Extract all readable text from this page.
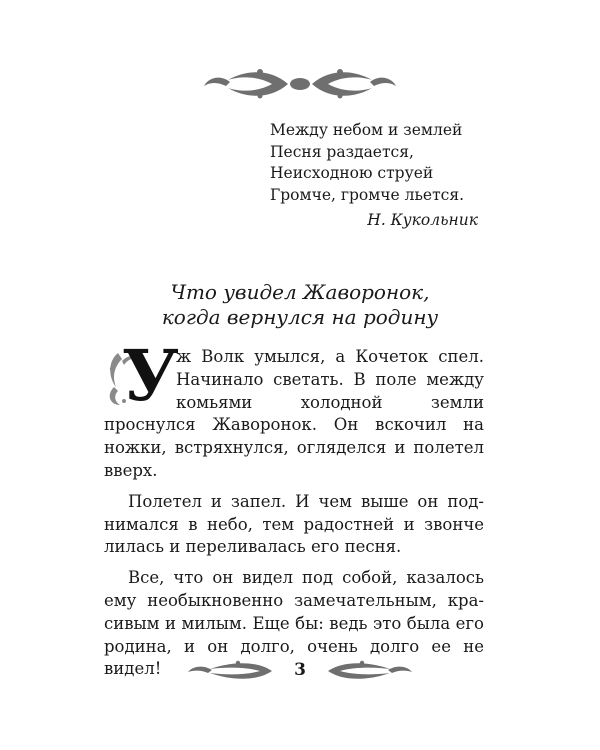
Между небом и землей
Песня раздается,
Неисходною струей
Громче, громче льется.
Н. Кукольник
Что увидел Жаворонок,
когда вернулся на родину

У
ж Волк умылся, а Кочеток спел. Начинало светать. В поле между комьями холодной земли проснулся Жаворонок. Он вскочил на ножки, встряхнулся, огляделся и полетел вверх.

Полетел и запел. И чем выше он поднимался в небо, тем радостней и звонче лилась и переливалась его песня.

Все, что он видел под собой, казалось ему необыкновенно замечательным, красивым и милым. Еще бы: ведь это была его родина, и он долго, очень долго ее не видел!	3
